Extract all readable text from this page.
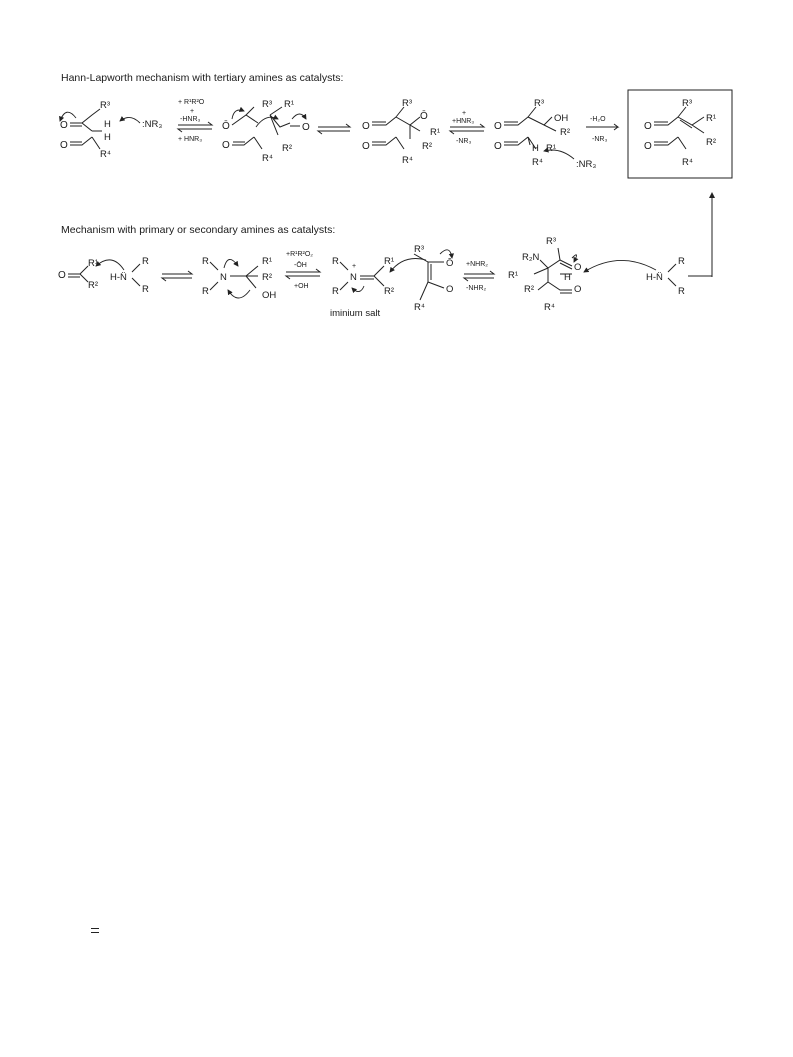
Hann-Lapworth mechanism with tertiary amines as catalysts:
Mechanism with primary or secondary amines as catalysts:
O
O
R³
H
H
R⁴
:NR₃
+ R¹R²O
+
-HNR₃
+ HNR₃
Ō
O
R³ R¹
O
R²
R⁴
O
O
R³
Ō
R¹
R²
R⁴
+
+HNR₃
-NR₃
O
O
R³
OH
R²
H R¹
R⁴	:NR₃
-H₂O
-NR₃
O
O
R³
R¹
R²
R⁴
O
R¹
R²
H-N̈
R
R
R
R
N
R¹
R²
OH
+R¹R²O₂
-ŌH
+OH
R
R
N
+	R¹
R²
iminium salt
R³
Ō
O
R⁴
+NHR₂
-NHR₂
R³
R₂N
O
R¹	H
R²	O
R⁴
H-N̈
R
R
